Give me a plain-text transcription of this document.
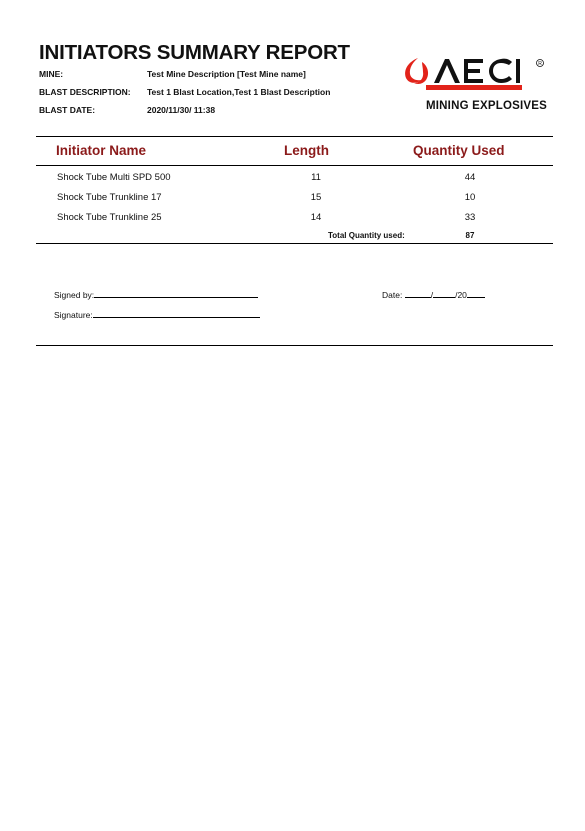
INITIATORS SUMMARY REPORT
MINE:	Test Mine Description [Test Mine name]
BLAST DESCRIPTION: Test 1 Blast Location,Test 1 Blast Description
BLAST DATE:	2020/11/30/ 11:38
R
MINING EXPLOSIVES
Initiator Name	Length	Quantity Used
Shock Tube Multi SPD 500	11	44
Shock Tube Trunkline 17	15	10
Shock Tube Trunkline 25	14	33
Total Quantity used:	87
Signed by:
Signature:
Date:	/	/20
